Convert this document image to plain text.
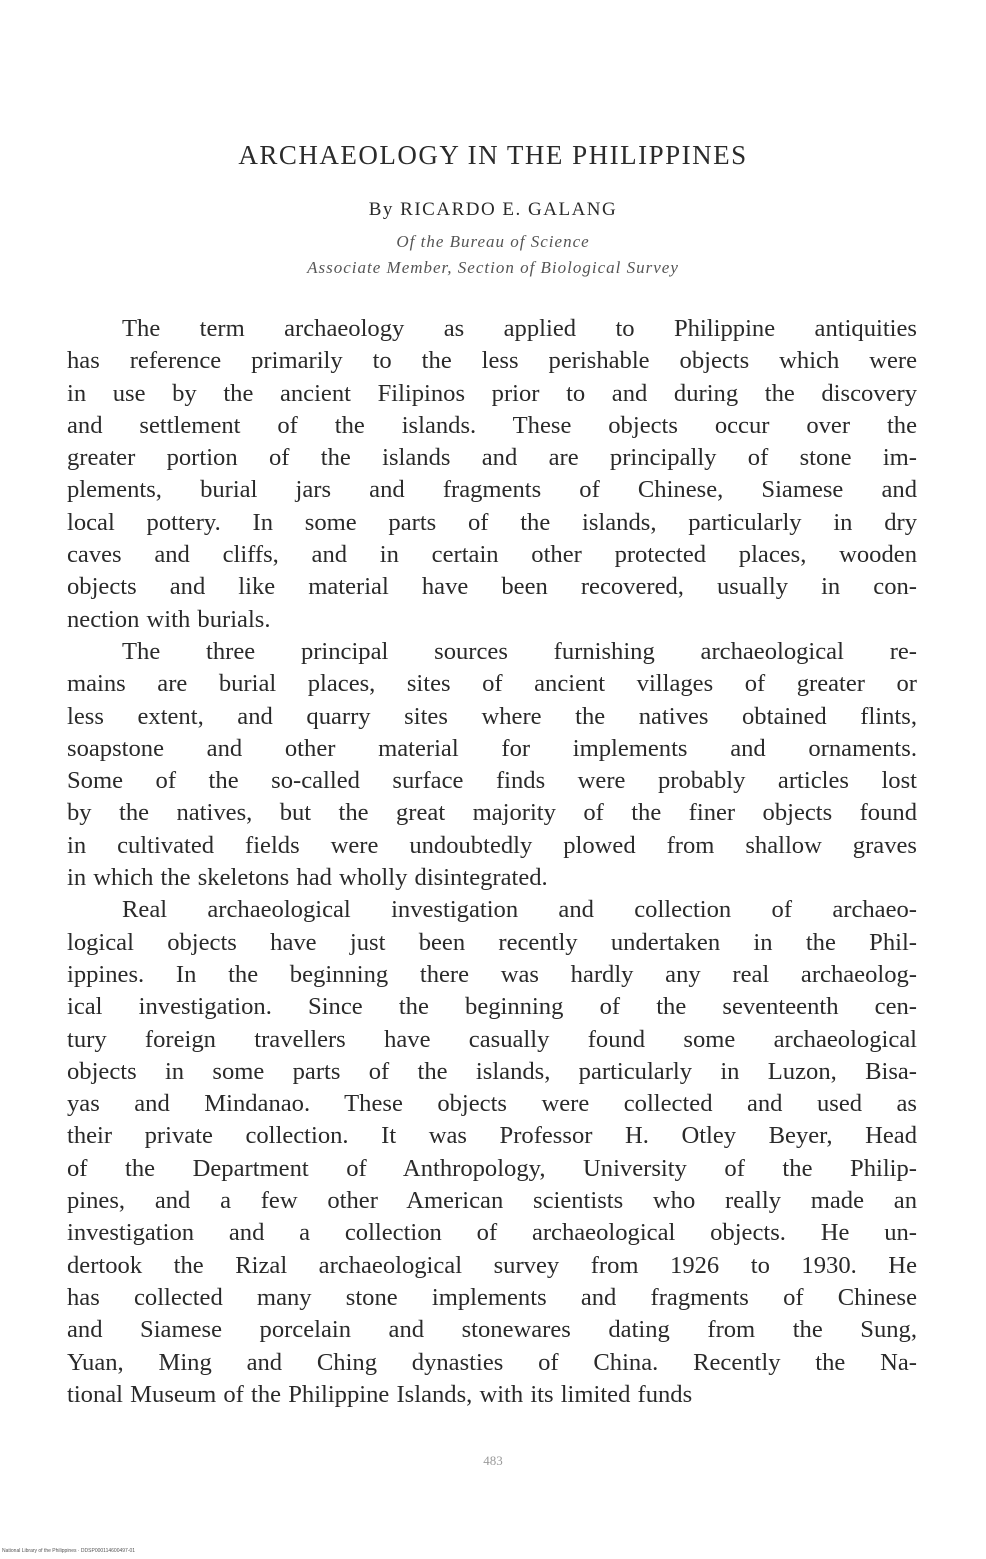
ARCHAEOLOGY IN THE PHILIPPINES
By RICARDO E. GALANG
Of the Bureau of Science
Associate Member, Section of Biological Survey
The term archaeology as applied to Philippine antiquities
has reference primarily to the less perishable objects which were
in use by the ancient Filipinos prior to and during the discovery
and settlement of the islands. These objects occur over the
greater portion of the islands and are principally of stone im-
plements, burial jars and fragments of Chinese, Siamese and
local pottery. In some parts of the islands, particularly in dry
caves and cliffs, and in certain other protected places, wooden
objects and like material have been recovered, usually in con-
nection with burials.
The three principal sources furnishing archaeological re-
mains are burial places, sites of ancient villages of greater or
less extent, and quarry sites where the natives obtained flints,
soapstone and other material for implements and ornaments.
Some of the so-called surface finds were probably articles lost
by the natives, but the great majority of the finer objects found
in cultivated fields were undoubtedly plowed from shallow graves
in which the skeletons had wholly disintegrated.
Real archaeological investigation and collection of archaeo-
logical objects have just been recently undertaken in the Phil-
ippines. In the beginning there was hardly any real archaeolog-
ical investigation. Since the beginning of the seventeenth cen-
tury foreign travellers have casually found some archaeological
objects in some parts of the islands, particularly in Luzon, Bisa-
yas and Mindanao. These objects were collected and used as
their private collection. It was Professor H. Otley Beyer, Head
of the Department of Anthropology, University of the Philip-
pines, and a few other American scientists who really made an
investigation and a collection of archaeological objects. He un-
dertook the Rizal archaeological survey from 1926 to 1930. He
has collected many stone implements and fragments of Chinese
and Siamese porcelain and stonewares dating from the Sung,
Yuan, Ming and Ching dynasties of China. Recently the Na-
tional Museum of the Philippine Islands, with its limited funds
483
National Library of the Philippines · DDSP000114600497-01
